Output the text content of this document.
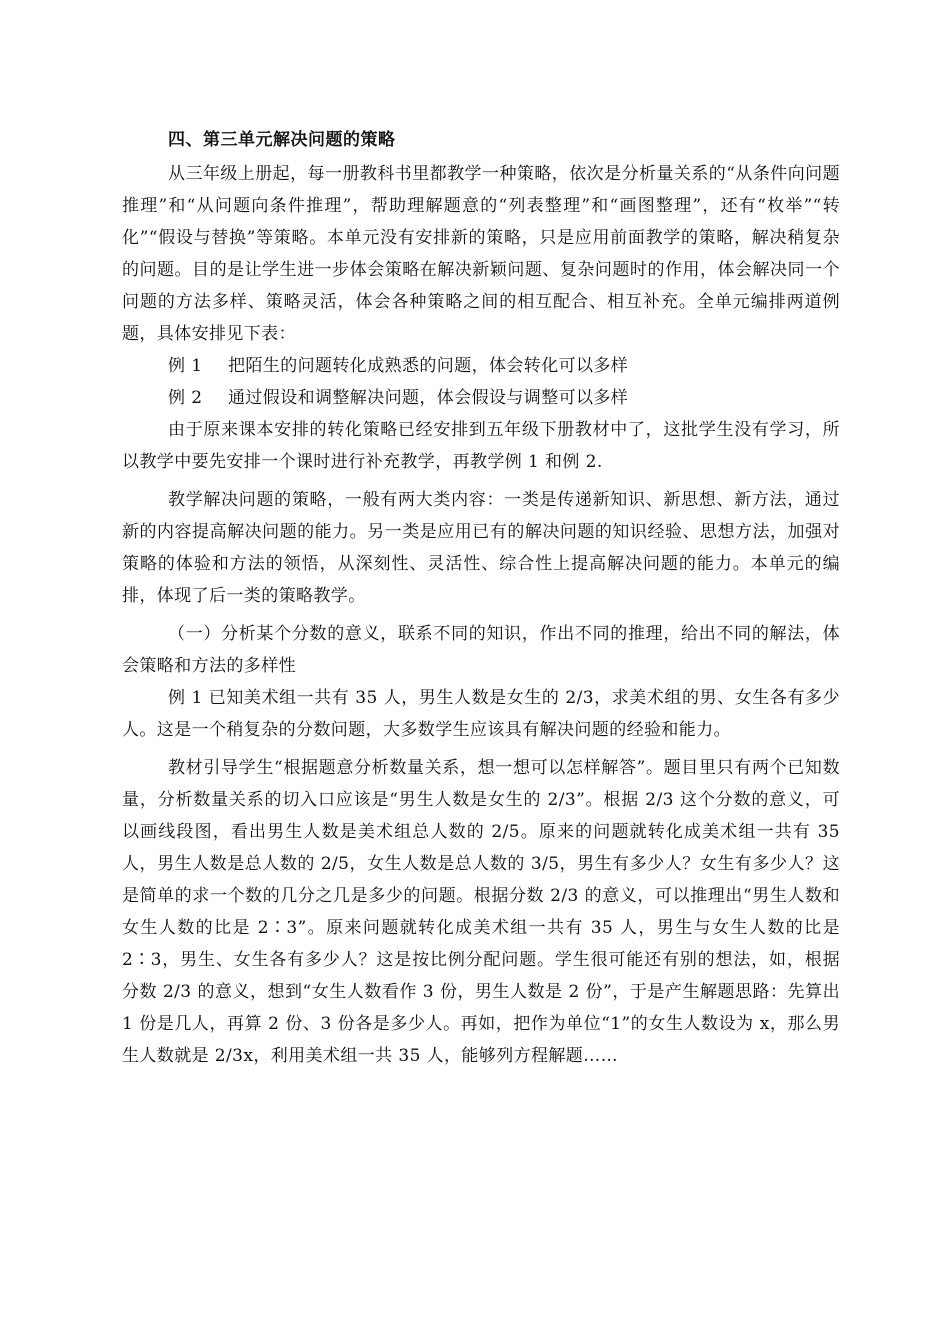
四、第三单元解决问题的策略

从三年级上册起，每一册教科书里都教学一种策略，依次是分析量关系的“从条件向问题推理”和“从问题向条件推理”，帮助理解题意的“列表整理”和“画图整理”，还有“枚举”“转化”“假设与替换”等策略。本单元没有安排新的策略，只是应用前面教学的策略，解决稍复杂的问题。目的是让学生进一步体会策略在解决新颖问题、复杂问题时的作用，体会解决同一个问题的方法多样、策略灵活，体会各种策略之间的相互配合、相互补充。全单元编排两道例题，具体安排见下表：

例 1 把陌生的问题转化成熟悉的问题，体会转化可以多样
例 2 通过假设和调整解决问题，体会假设与调整可以多样

由于原来课本安排的转化策略已经安排到五年级下册教材中了，这批学生没有学习，所以教学中要先安排一个课时进行补充教学，再教学例 1 和例 2.

教学解决问题的策略，一般有两大类内容：一类是传递新知识、新思想、新方法，通过新的内容提高解决问题的能力。另一类是应用已有的解决问题的知识经验、思想方法，加强对策略的体验和方法的领悟，从深刻性、灵活性、综合性上提高解决问题的能力。本单元的编排，体现了后一类的策略教学。

（一）分析某个分数的意义，联系不同的知识，作出不同的推理，给出不同的解法，体会策略和方法的多样性

例 1 已知美术组一共有 35 人，男生人数是女生的 2/3，求美术组的男、女生各有多少人。这是一个稍复杂的分数问题，大多数学生应该具有解决问题的经验和能力。

教材引导学生“根据题意分析数量关系，想一想可以怎样解答”。题目里只有两个已知数量，分析数量关系的切入口应该是“男生人数是女生的 2/3”。根据 2/3 这个分数的意义，可以画线段图，看出男生人数是美术组总人数的 2/5。原来的问题就转化成美术组一共有 35 人，男生人数是总人数的 2/5，女生人数是总人数的 3/5，男生有多少人？女生有多少人？这是简单的求一个数的几分之几是多少的问题。根据分数 2/3 的意义，可以推理出“男生人数和女生人数的比是 2∶3”。原来问题就转化成美术组一共有 35 人，男生与女生人数的比是 2∶3，男生、女生各有多少人？这是按比例分配问题。学生很可能还有别的想法，如，根据分数 2/3 的意义，想到“女生人数看作 3 份，男生人数是 2 份”，于是产生解题思路：先算出 1 份是几人，再算 2 份、3 份各是多少人。再如，把作为单位“1”的女生人数设为 x，那么男生人数就是 2/3x，利用美术组一共 35 人，能够列方程解题……
